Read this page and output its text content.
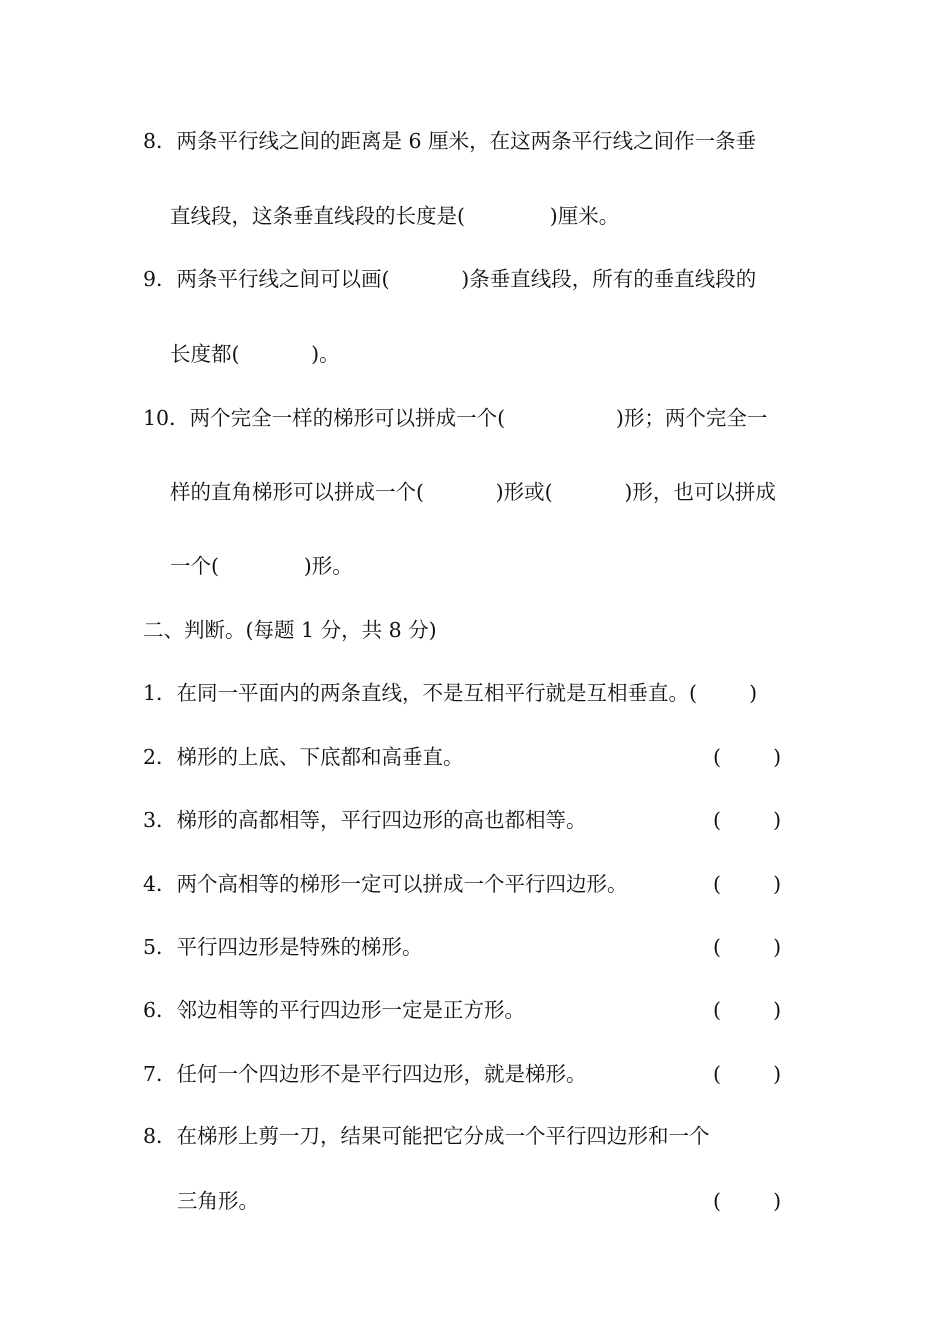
8．两条平行线之间的距离是 6 厘米，在这两条平行线之间作一条垂
直线段，这条垂直线段的长度是(             )厘米。
9．两条平行线之间可以画(           )条垂直线段，所有的垂直线段的
长度都(           )。
10．两个完全一样的梯形可以拼成一个(                 )形；两个完全一
样的直角梯形可以拼成一个(           )形或(           )形，也可以拼成
一个(             )形。
二、判断。(每题 1 分，共 8 分)
1．在同一平面内的两条直线，不是互相平行就是互相垂直。(        )
2．梯形的上底、下底都和高垂直。	(        )
3．梯形的高都相等，平行四边形的高也都相等。	(        )
4．两个高相等的梯形一定可以拼成一个平行四边形。	(        )
5．平行四边形是特殊的梯形。	(        )
6．邻边相等的平行四边形一定是正方形。	(        )
7．任何一个四边形不是平行四边形，就是梯形。	(        )
8．在梯形上剪一刀，结果可能把它分成一个平行四边形和一个
三角形。	(        )
